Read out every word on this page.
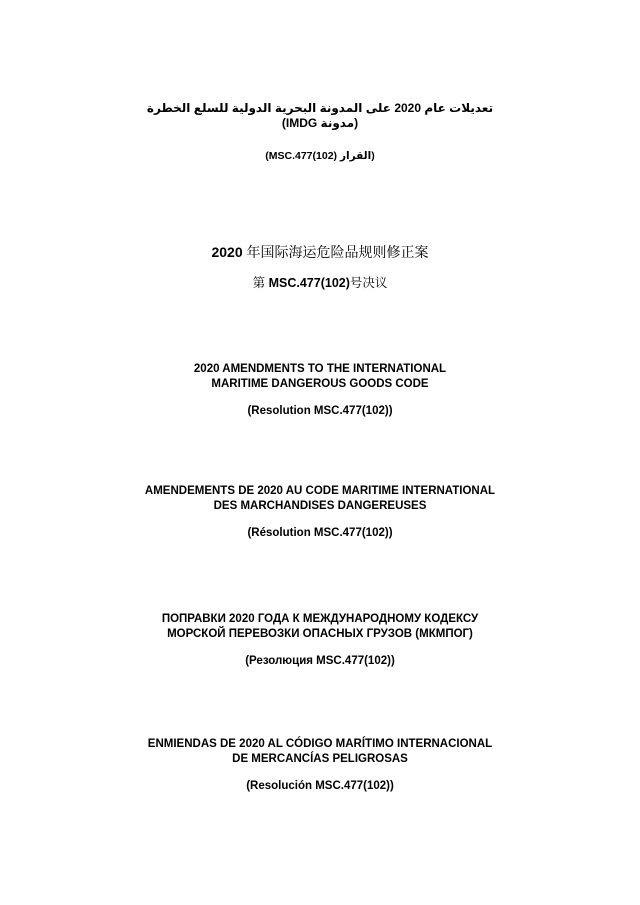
تعديلات عام 2020 على المدونة البحرية الدولية للسلع الخطرة
(مدونة IMDG)
(القرار MSC.477(102))
2020 年国际海运危险品规则修正案
第 MSC.477(102)号决议
2020 AMENDMENTS TO THE INTERNATIONAL
MARITIME DANGEROUS GOODS CODE
(Resolution MSC.477(102))
AMENDEMENTS DE 2020 AU CODE MARITIME INTERNATIONAL
DES MARCHANDISES DANGEREUSES
(Résolution MSC.477(102))
ПОПРАВКИ 2020 ГОДА К МЕЖДУНАРОДНОМУ КОДЕКСУ
МОРСКОЙ ПЕРЕВОЗКИ ОПАСНЫХ ГРУЗОВ (МКМПОГ)
(Резолюция MSC.477(102))
ENMIENDAS DE 2020 AL CÓDIGO MARÍTIMO INTERNACIONAL
DE MERCANCÍAS PELIGROSAS
(Resolución MSC.477(102))
